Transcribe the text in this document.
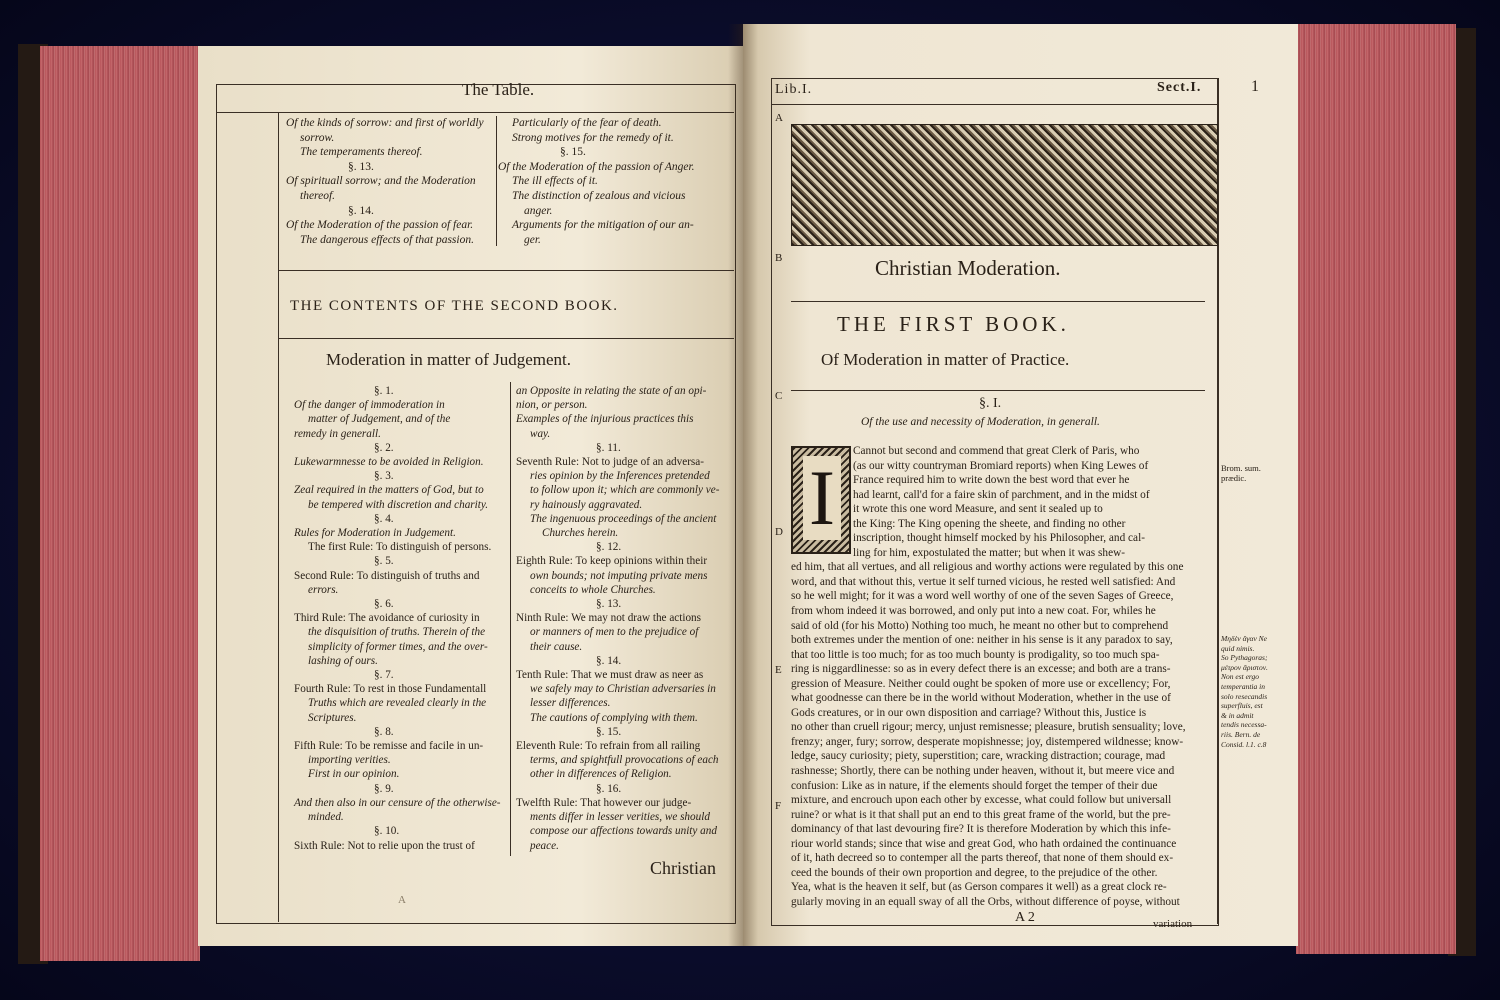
The Table.
Of the kinds of sorrow: and first of worldly
sorrow.
The temperaments thereof.
§. 13.
Of spirituall sorrow; and the Moderation
thereof.
§. 14.
Of the Moderation of the passion of fear.
The dangerous effects of that passion.
Particularly of the fear of death.
Strong motives for the remedy of it.
§. 15.
Of the Moderation of the passion of Anger.
The ill effects of it.
The distinction of zealous and vicious
anger.
Arguments for the mitigation of our an-
ger.
THE CONTENTS OF THE SECOND BOOK.
Moderation in matter of Judgement.
§. 1.
Of the danger of immoderation in
matter of Judgement, and of the
remedy in generall.
§. 2.
Lukewarmnesse to be avoided in Religion.
§. 3.
Zeal required in the matters of God, but to
be tempered with discretion and charity.
§. 4.
Rules for Moderation in Judgement.
The first Rule: To distinguish of persons.
§. 5.
Second Rule: To distinguish of truths and
errors.
§. 6.
Third Rule: The avoidance of curiosity in
the disquisition of truths. Therein of the
simplicity of former times, and the over-
lashing of ours.
§. 7.
Fourth Rule: To rest in those Fundamentall
Truths which are revealed clearly in the
Scriptures.
§. 8.
Fifth Rule: To be remisse and facile in un-
importing verities.
First in our opinion.
§. 9.
And then also in our censure of the otherwise-
minded.
§. 10.
Sixth Rule: Not to relie upon the trust of
an Opposite in relating the state of an opi-
nion, or person.
Examples of the injurious practices this
way.
§. 11.
Seventh Rule: Not to judge of an adversa-
ries opinion by the Inferences pretended
to follow upon it; which are commonly ve-
ry hainously aggravated.
The ingenuous proceedings of the ancient
Churches herein.
§. 12.
Eighth Rule: To keep opinions within their
own bounds; not imputing private mens
conceits to whole Churches.
§. 13.
Ninth Rule: We may not draw the actions
or manners of men to the prejudice of
their cause.
§. 14.
Tenth Rule: That we must draw as neer as
we safely may to Christian adversaries in
lesser differences.
The cautions of complying with them.
§. 15.
Eleventh Rule: To refrain from all railing
terms, and spightfull provocations of each
other in differences of Religion.
§. 16.
Twelfth Rule: That however our judge-
ments differ in lesser verities, we should
compose our affections towards unity and
peace.
Christian
A
Lib.I.	Sect.I.	1
Christian Moderation.
THE FIRST BOOK.
Of Moderation in matter of Practice.
§. I.
Of the use and necessity of Moderation, in generall.
I
Cannot but second and commend that great Clerk of Paris, who
(as our witty countryman Bromiard reports) when King Lewes of
France required him to write down the best word that ever he
had learnt, call'd for a faire skin of parchment, and in the midst of
it wrote this one word Measure, and sent it sealed up to
the King: The King opening the sheete, and finding no other
inscription, thought himself mocked by his Philosopher, and cal-
ling for him, expostulated the matter; but when it was shew-
ed him, that all vertues, and all religious and worthy actions were regulated by this one
word, and that without this, vertue it self turned vicious, he rested well satisfied: And
so he well might; for it was a word well worthy of one of the seven Sages of Greece,
from whom indeed it was borrowed, and only put into a new coat. For, whiles he
said of old (for his Motto) Nothing too much, he meant no other but to comprehend
both extremes under the mention of one: neither in his sense is it any paradox to say,
that too little is too much; for as too much bounty is prodigality, so too much spa-
ring is niggardlinesse: so as in every defect there is an excesse; and both are a trans-
gression of Measure. Neither could ought be spoken of more use or excellency; For,
what goodnesse can there be in the world without Moderation, whether in the use of
Gods creatures, or in our own disposition and carriage? Without this, Justice is
no other than cruell rigour; mercy, unjust remisnesse; pleasure, brutish sensuality; love,
frenzy; anger, fury; sorrow, desperate mopishnesse; joy, distempered wildnesse; know-
ledge, saucy curiosity; piety, superstition; care, wracking distraction; courage, mad
rashnesse; Shortly, there can be nothing under heaven, without it, but meere vice and
confusion: Like as in nature, if the elements should forget the temper of their due
mixture, and encrouch upon each other by excesse, what could follow but universall
ruine? or what is it that shall put an end to this great frame of the world, but the pre-
dominancy of that last devouring fire? It is therefore Moderation by which this infe-
riour world stands; since that wise and great God, who hath ordained the continuance
of it, hath decreed so to contemper all the parts thereof, that none of them should ex-
ceed the bounds of their own proportion and degree, to the prejudice of the other.
Yea, what is the heaven it self, but (as Gerson compares it well) as a great clock re-
gularly moving in an equall sway of all the Orbs, without difference of poyse, without
A 2	variation
Brom. sum.
prædic.
Μηδὲν ἄγαν Ne
quid nimis.
So Pythagoras;
μέτρον ἄριστον.
Non est ergo
temperantia in
solo resecandis
superfluis, est
& in admit
tendis necessa-
riis. Bern. de
Consid. l.1. c.8
A
B
C
D
E
F
